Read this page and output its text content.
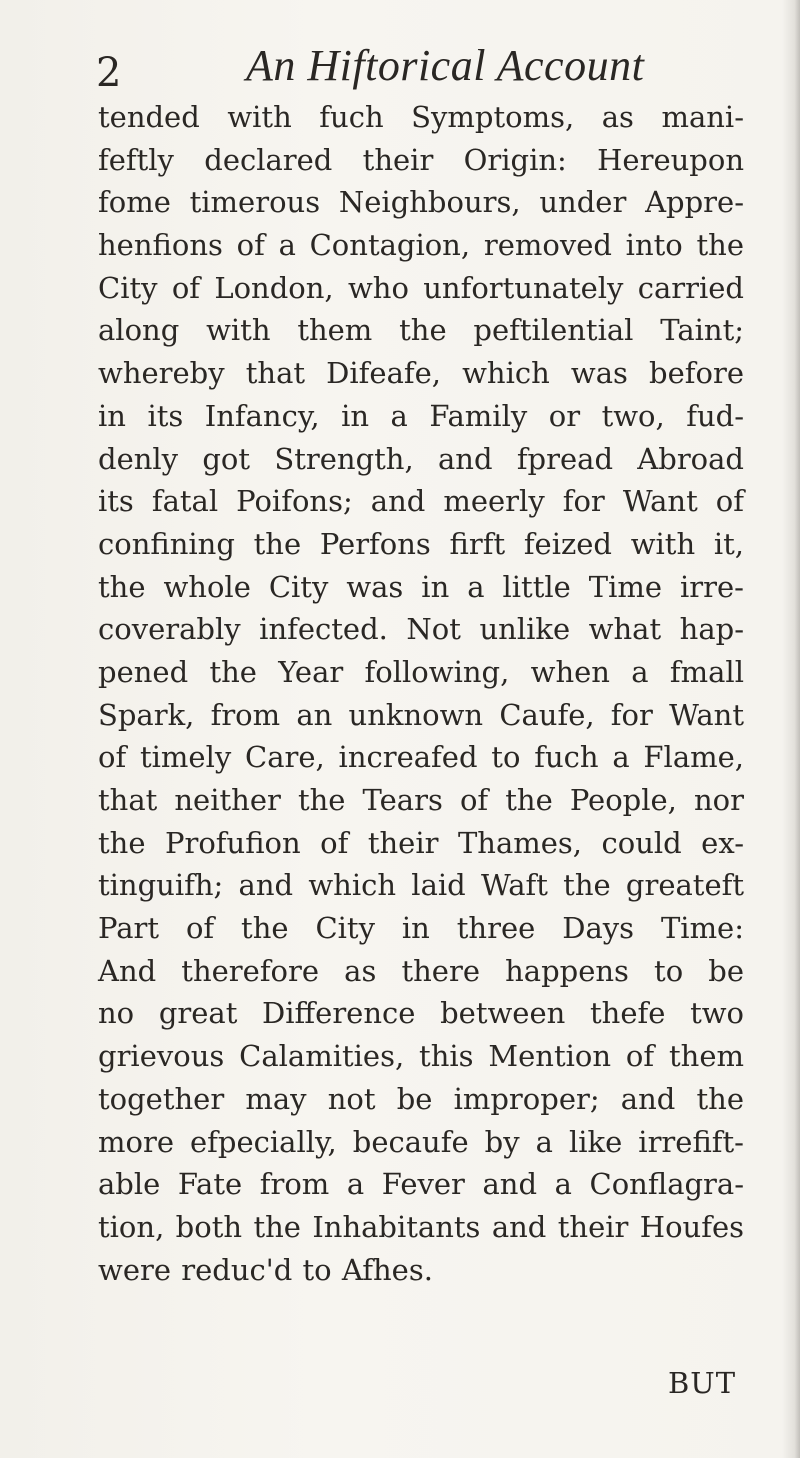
2	An Hiftorical Account
tended with fuch Symptoms, as mani-
feftly declared their Origin: Hereupon
fome timerous Neighbours, under Appre-
henfions of a Contagion, removed into the
City of London, who unfortunately carried
along with them the peftilential Taint;
whereby that Difeafe, which was before
in its Infancy, in a Family or two, fud-
denly got Strength, and fpread Abroad
its fatal Poifons; and meerly for Want of
confining the Perfons firft feized with it,
the whole City was in a little Time irre-
coverably infected. Not unlike what hap-
pened the Year following, when a fmall
Spark, from an unknown Caufe, for Want
of timely Care, increafed to fuch a Flame,
that neither the Tears of the People, nor
the Profufion of their Thames, could ex-
tinguifh; and which laid Waft the greateft
Part of the City in three Days Time:
And therefore as there happens to be
no great Difference between thefe two
grievous Calamities, this Mention of them
together may not be improper; and the
more efpecially, becaufe by a like irrefift-
able Fate from a Fever and a Conflagra-
tion, both the Inhabitants and their Houfes
were reduc'd to Afhes.
BUT
